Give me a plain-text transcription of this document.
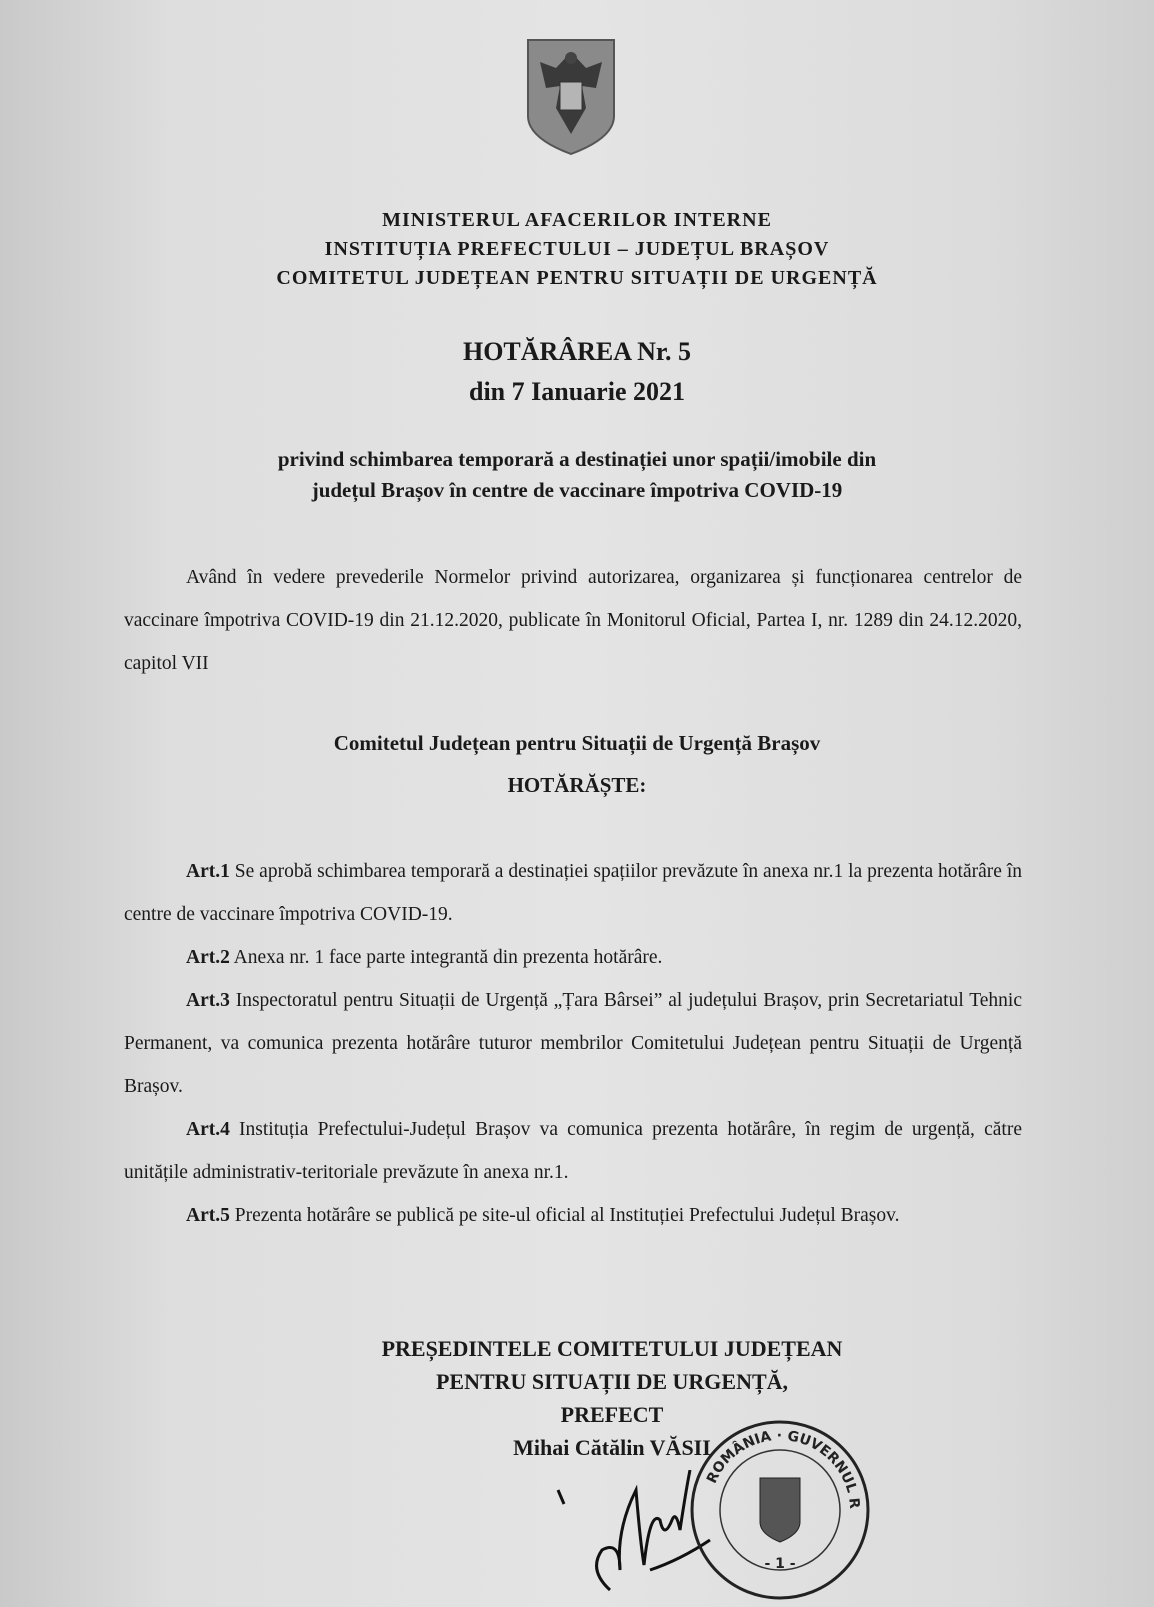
MINISTERUL AFACERILOR INTERNE
INSTITUȚIA PREFECTULUI – JUDEȚUL BRAȘOV
COMITETUL JUDEȚEAN PENTRU SITUAȚII DE URGENȚĂ
HOTĂRÂREA Nr. 5
din 7 Ianuarie 2021
privind schimbarea temporară a destinației unor spații/imobile din
județul Brașov în centre de vaccinare împotriva COVID-19

Având în vedere prevederile Normelor privind autorizarea, organizarea și funcționarea centrelor de vaccinare împotriva COVID-19 din 21.12.2020, publicate în Monitorul Oficial, Partea I, nr. 1289 din 24.12.2020, capitol VII

Comitetul Județean pentru Situații de Urgență Brașov
HOTĂRĂȘTE:

Art.1 Se aprobă schimbarea temporară a destinației spațiilor prevăzute în anexa nr.1 la prezenta hotărâre în centre de vaccinare împotriva COVID-19.

Art.2 Anexa nr. 1 face parte integrantă din prezenta hotărâre.

Art.3 Inspectoratul pentru Situații de Urgență „Țara Bârsei” al județului Brașov, prin Secretariatul Tehnic Permanent, va comunica prezenta hotărâre tuturor membrilor Comitetului Județean pentru Situații de Urgență Brașov.

Art.4 Instituția Prefectului-Județul Brașov va comunica prezenta hotărâre, în regim de urgență, către unitățile administrativ-teritoriale prevăzute în anexa nr.1.

Art.5 Prezenta hotărâre se publică pe site-ul oficial al Instituției Prefectului Județul Brașov.

PREȘEDINTELE COMITETULUI JUDEȚEAN
PENTRU SITUAȚII DE URGENȚĂ,
PREFECT
Mihai Cătălin VĂSII
ROMÂNIA · GUVERNUL R
- 1 -
